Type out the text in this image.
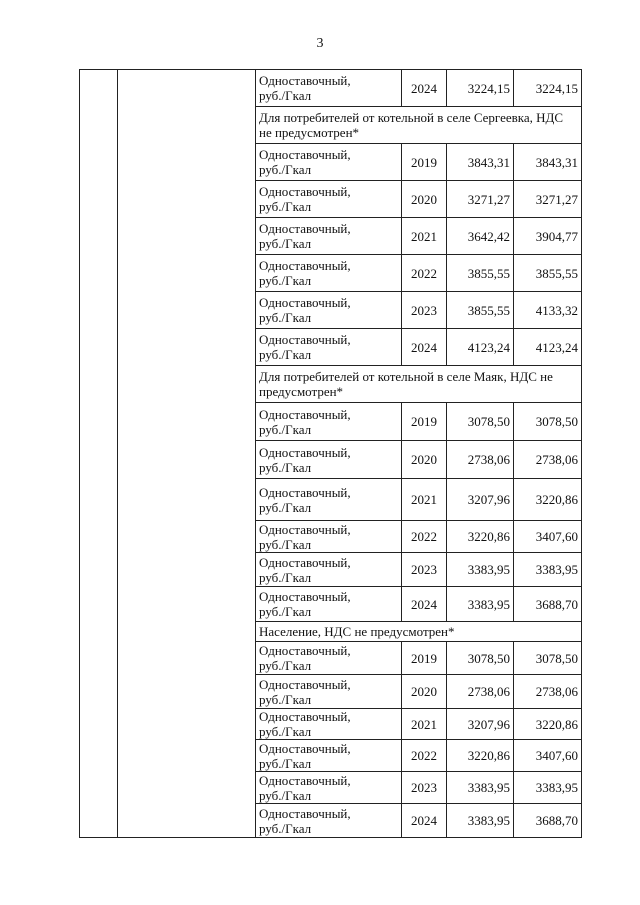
3

		Одноставочный,
руб./Гкал	2024	3224,15	3224,15
		Для потребителей от котельной в селе Сергеевка, НДС не предусмотрен*			

		Одноставочный,
руб./Гкал	2019	3843,31	3843,31

		Одноставочный,
руб./Гкал	2020	3271,27	3271,27

		Одноставочный,
руб./Гкал	2021	3642,42	3904,77

		Одноставочный,
руб./Гкал	2022	3855,55	3855,55

		Одноставочный,
руб./Гкал	2023	3855,55	4133,32

		Одноставочный,
руб./Гкал	2024	4123,24	4123,24
		Для потребителей от котельной в селе Маяк, НДС не предусмотрен*			

		Одноставочный,
руб./Гкал	2019	3078,50	3078,50

		Одноставочный,
руб./Гкал	2020	2738,06	2738,06

		Одноставочный,
руб./Гкал	2021	3207,96	3220,86

		Одноставочный,
руб./Гкал	2022	3220,86	3407,60

		Одноставочный,
руб./Гкал	2023	3383,95	3383,95

		Одноставочный,
руб./Гкал	2024	3383,95	3688,70
		Население, НДС не предусмотрен*			

		Одноставочный,
руб./Гкал	2019	3078,50	3078,50

		Одноставочный,
руб./Гкал	2020	2738,06	2738,06

		Одноставочный,
руб./Гкал	2021	3207,96	3220,86

		Одноставочный,
руб./Гкал	2022	3220,86	3407,60

		Одноставочный,
руб./Гкал	2023	3383,95	3383,95

		Одноставочный,
руб./Гкал	2024	3383,95	3688,70
